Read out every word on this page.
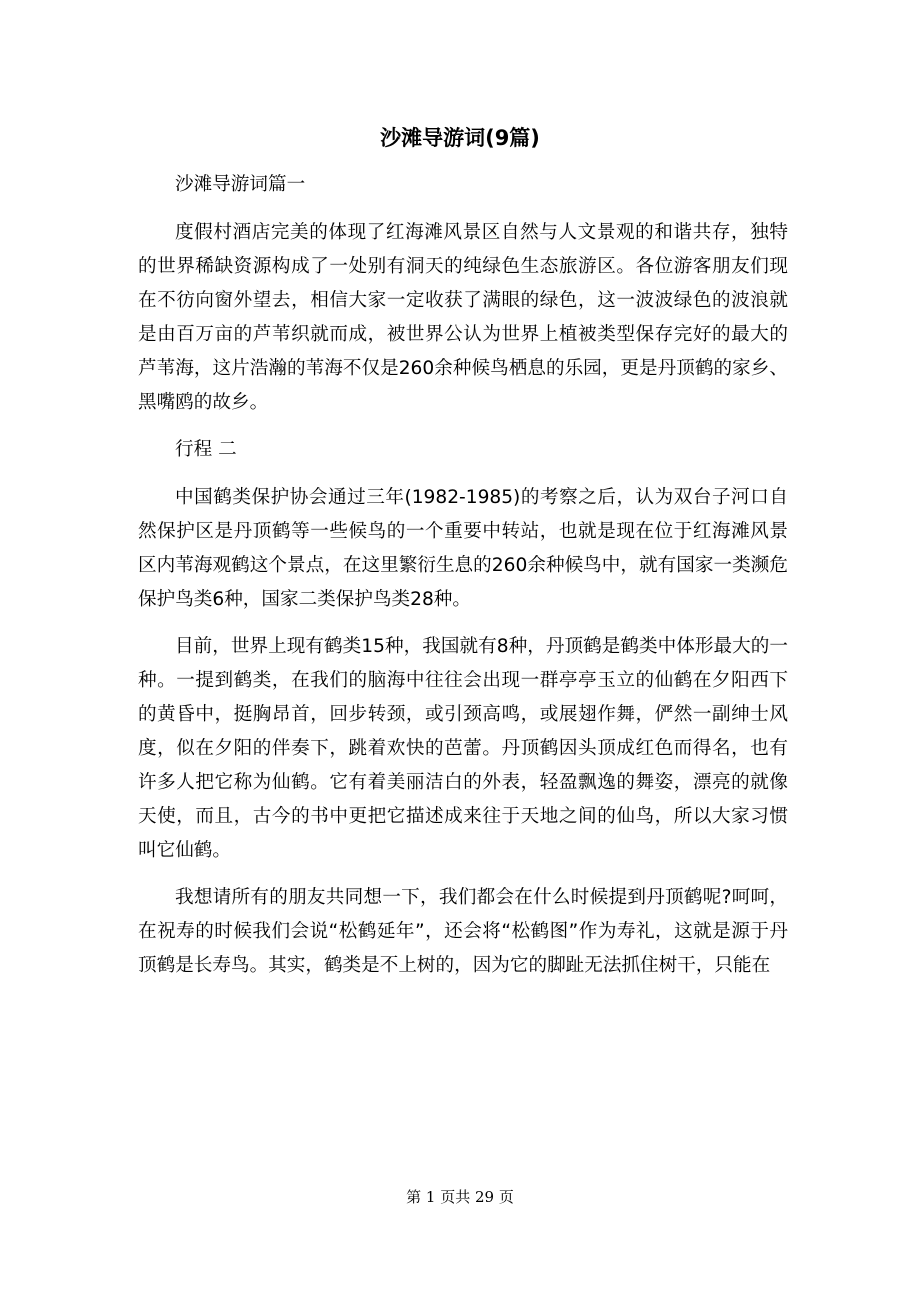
沙滩导游词(9篇)

沙滩导游词篇一

度假村酒店完美的体现了红海滩风景区自然与人文景观的和谐共存，独特的世界稀缺资源构成了一处别有洞天的纯绿色生态旅游区。各位游客朋友们现在不彷向窗外望去，相信大家一定收获了满眼的绿色，这一波波绿色的波浪就是由百万亩的芦苇织就而成，被世界公认为世界上植被类型保存完好的最大的芦苇海，这片浩瀚的苇海不仅是260余种候鸟栖息的乐园，更是丹顶鹤的家乡、黑嘴鸥的故乡。

行程 二

中国鹤类保护协会通过三年(1982-1985)的考察之后，认为双台子河口自然保护区是丹顶鹤等一些候鸟的一个重要中转站，也就是现在位于红海滩风景区内苇海观鹤这个景点，在这里繁衍生息的260余种候鸟中，就有国家一类濒危保护鸟类6种，国家二类保护鸟类28种。

目前，世界上现有鹤类15种，我国就有8种，丹顶鹤是鹤类中体形最大的一种。一提到鹤类，在我们的脑海中往往会出现一群亭亭玉立的仙鹤在夕阳西下的黄昏中，挺胸昂首，回步转颈，或引颈高鸣，或展翅作舞，俨然一副绅士风度，似在夕阳的伴奏下，跳着欢快的芭蕾。丹顶鹤因头顶成红色而得名，也有许多人把它称为仙鹤。它有着美丽洁白的外表，轻盈飘逸的舞姿，漂亮的就像天使，而且，古今的书中更把它描述成来往于天地之间的仙鸟，所以大家习惯叫它仙鹤。

我想请所有的朋友共同想一下，我们都会在什么时候提到丹顶鹤呢?呵呵，在祝寿的时候我们会说“松鹤延年”，还会将“松鹤图”作为寿礼，这就是源于丹顶鹤是长寿鸟。其实，鹤类是不上树的，因为它的脚趾无法抓住树干，只能在

第 1 页共 29 页
